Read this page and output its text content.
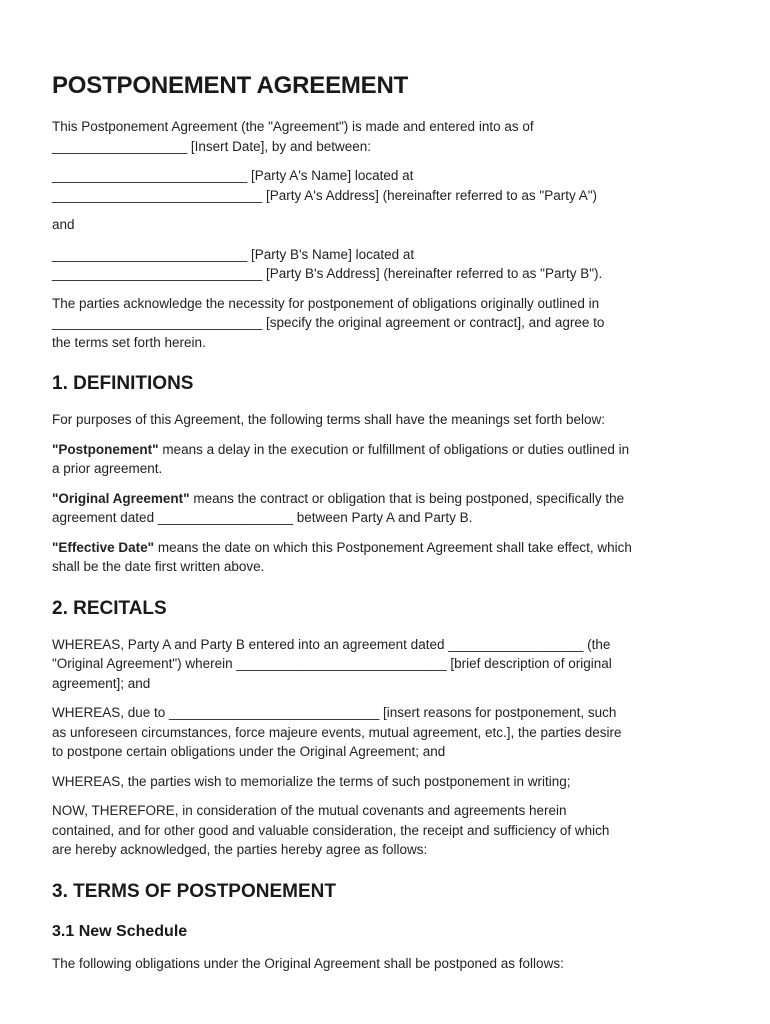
POSTPONEMENT AGREEMENT

This Postponement Agreement (the "Agreement") is made and entered into as of
__________________ [Insert Date], by and between:

__________________________ [Party A's Name] located at
____________________________ [Party A's Address] (hereinafter referred to as "Party A")

and

__________________________ [Party B's Name] located at
____________________________ [Party B's Address] (hereinafter referred to as "Party B").

The parties acknowledge the necessity for postponement of obligations originally outlined in
____________________________ [specify the original agreement or contract], and agree to
the terms set forth herein.

1. DEFINITIONS

For purposes of this Agreement, the following terms shall have the meanings set forth below:

"Postponement" means a delay in the execution or fulfillment of obligations or duties outlined in
a prior agreement.

"Original Agreement" means the contract or obligation that is being postponed, specifically the
agreement dated __________________ between Party A and Party B.

"Effective Date" means the date on which this Postponement Agreement shall take effect, which
shall be the date first written above.

2. RECITALS

WHEREAS, Party A and Party B entered into an agreement dated __________________ (the
"Original Agreement") wherein ____________________________ [brief description of original
agreement]; and

WHEREAS, due to ____________________________ [insert reasons for postponement, such
as unforeseen circumstances, force majeure events, mutual agreement, etc.], the parties desire
to postpone certain obligations under the Original Agreement; and

WHEREAS, the parties wish to memorialize the terms of such postponement in writing;

NOW, THEREFORE, in consideration of the mutual covenants and agreements herein
contained, and for other good and valuable consideration, the receipt and sufficiency of which
are hereby acknowledged, the parties hereby agree as follows:

3. TERMS OF POSTPONEMENT
3.1 New Schedule

The following obligations under the Original Agreement shall be postponed as follows:
